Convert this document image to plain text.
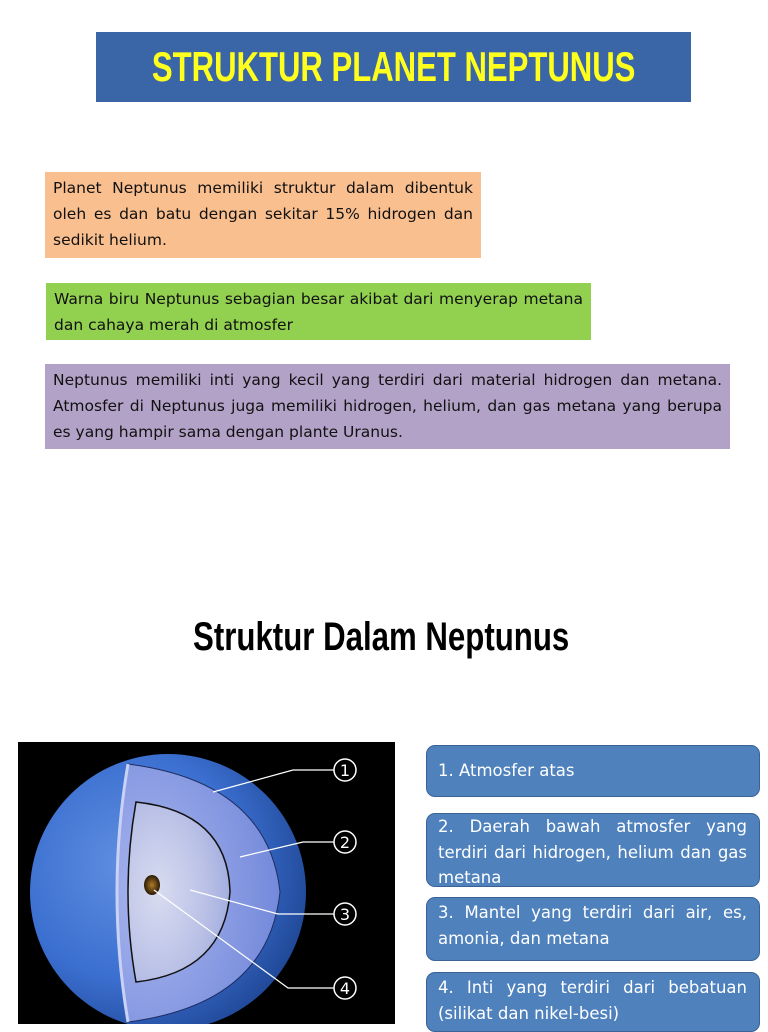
STRUKTUR PLANET NEPTUNUS
Planet Neptunus memiliki struktur dalam dibentuk oleh es dan batu dengan sekitar 15% hidrogen dan sedikit helium.
Warna biru Neptunus sebagian besar akibat dari menyerap metana dan cahaya merah di atmosfer
Neptunus memiliki inti yang kecil yang terdiri dari material hidrogen dan metana. Atmosfer di Neptunus juga memiliki hidrogen, helium, dan gas metana yang berupa es yang hampir sama dengan plante Uranus.
Struktur Dalam Neptunus
1
2
3
4
1. Atmosfer atas
2. Daerah bawah atmosfer yang terdiri dari hidrogen, helium dan gas metana
3. Mantel yang terdiri dari air, es, amonia, dan metana
4. Inti yang terdiri dari bebatuan (silikat dan nikel-besi)
